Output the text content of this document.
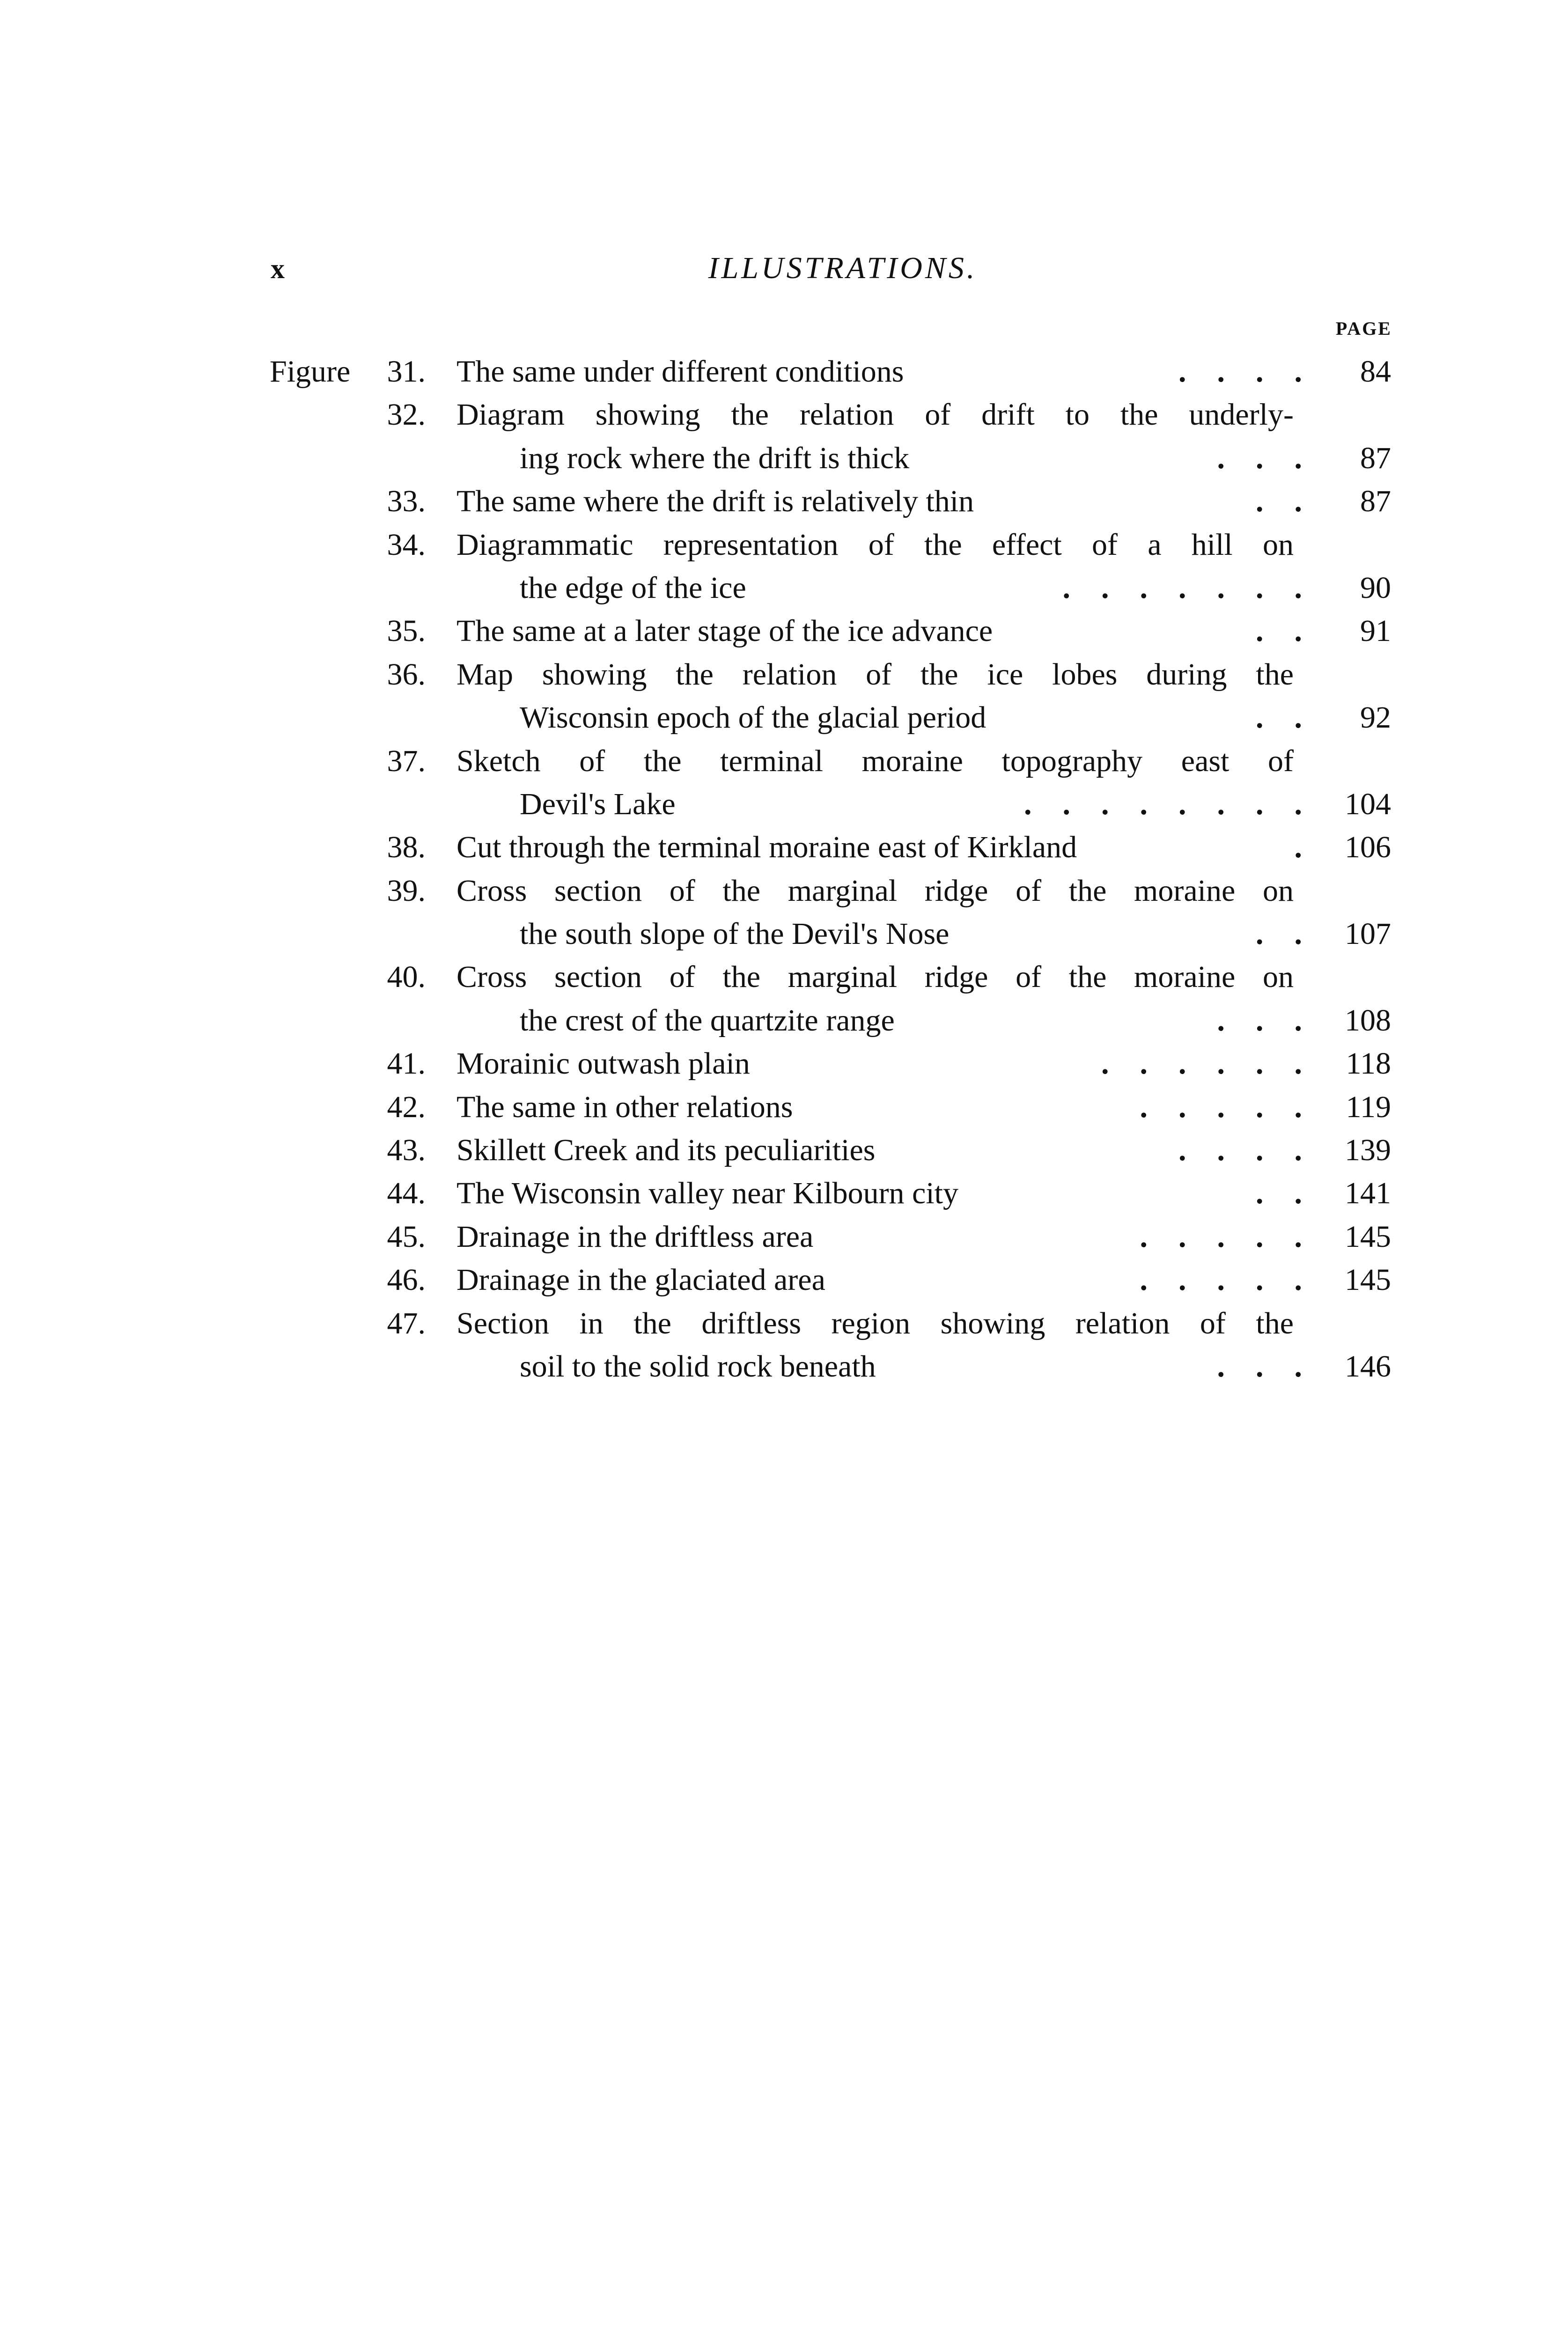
x	ILLUSTRATIONS.
PAGE
Figure 31. The same under different conditions	.    .    .    . 84
32. Diagram showing the relation of drift to the underly-
ing rock where the drift is thick	.    .    . 87
33. The same where the drift is relatively thin	.    . 87
34. Diagrammatic representation of the effect of a hill on
the edge of the ice	.    .    .    .    .    .    . 90
35. The same at a later stage of the ice advance	.    . 91
36. Map showing the relation of the ice lobes during the
Wisconsin epoch of the glacial period	.    . 92
37. Sketch of the terminal moraine topography east of
Devil's Lake	.    .    .    .    .    .    .    . 104
38. Cut through the terminal moraine east of Kirkland	. 106
39. Cross section of the marginal ridge of the moraine on
the south slope of the Devil's Nose	.    . 107
40. Cross section of the marginal ridge of the moraine on
the crest of the quartzite range	.    .    . 108
41. Morainic outwash plain	.    .    .    .    .    . 118
42. The same in other relations	.    .    .    .    . 119
43. Skillett Creek and its peculiarities	.    .    .    . 139
44. The Wisconsin valley near Kilbourn city	.    . 141
45. Drainage in the driftless area	.    .    .    .    . 145
46. Drainage in the glaciated area	.    .    .    .    . 145
47. Section in the driftless region showing relation of the
soil to the solid rock beneath	.    .    . 146
